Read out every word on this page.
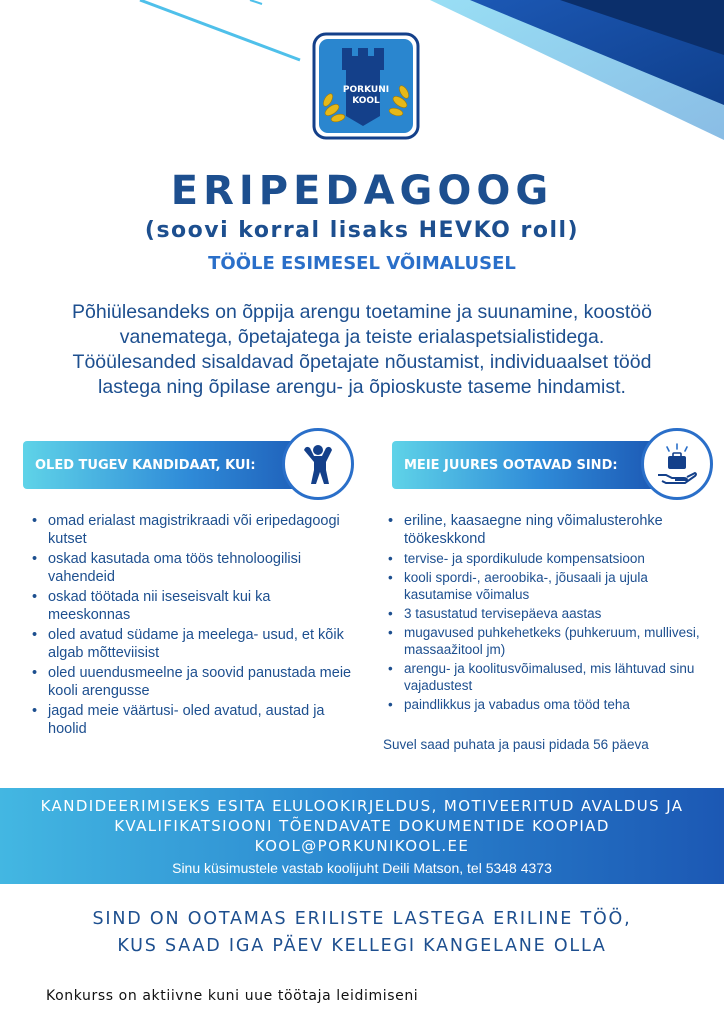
PORKUNI
KOOL
ERIPEDAGOOG
(soovi korral lisaks HEVKO roll)
TÖÖLE ESIMESEL VÕIMALUSEL
Põhiülesandeks on õppija arengu toetamine ja suunamine, koostöö
vanematega, õpetajatega ja teiste erialaspetsialistidega.
Tööülesanded sisaldavad õpetajate nõustamist, individuaalset tööd
lastega ning õpilase arengu- ja õpioskuste taseme hindamist.
OLED TUGEV KANDIDAAT, KUI:	MEIE JUURES OOTAVAD SIND:
• omad erialast magistrikraadi või eripedagoogi kutset
• oskad kasutada oma töös tehnoloogilisi vahendeid
• oskad töötada nii iseseisvalt kui ka meeskonnas
• oled avatud südame ja meelega- usud, et kõik algab mõtteviisist
• oled uuendusmeelne ja soovid panustada meie kooli arengusse
• jagad meie väärtusi- oled avatud, austad ja hoolid
• eriline, kaasaegne ning võimalusterohke töökeskkond
• tervise- ja spordikulude kompensatsioon
• kooli spordi-, aeroobika-, jõusaali ja ujula kasutamise võimalus
• 3 tasustatud tervisepäeva aastas
• mugavused puhkehetkeks (puhkeruum, mullivesi, massaažitool jm)
• arengu- ja koolitusvõimalused, mis lähtuvad sinu vajadustest
• paindlikkus ja vabadus oma tööd teha
Suvel saad puhata ja pausi pidada 56 päeva
KANDIDEERIMISEKS ESITA ELULOOKIRJELDUS, MOTIVEERITUD AVALDUS JA
KVALIFIKATSIOONI TÕENDAVATE DOKUMENTIDE KOOPIAD
KOOL@PORKUNIKOOL.EE
Sinu küsimustele vastab koolijuht Deili Matson, tel 5348 4373
SIND ON OOTAMAS ERILISTE LASTEGA ERILINE TÖÖ,
KUS SAAD IGA PÄEV KELLEGI KANGELANE OLLA
Konkurss on aktiivne kuni uue töötaja leidimiseni
